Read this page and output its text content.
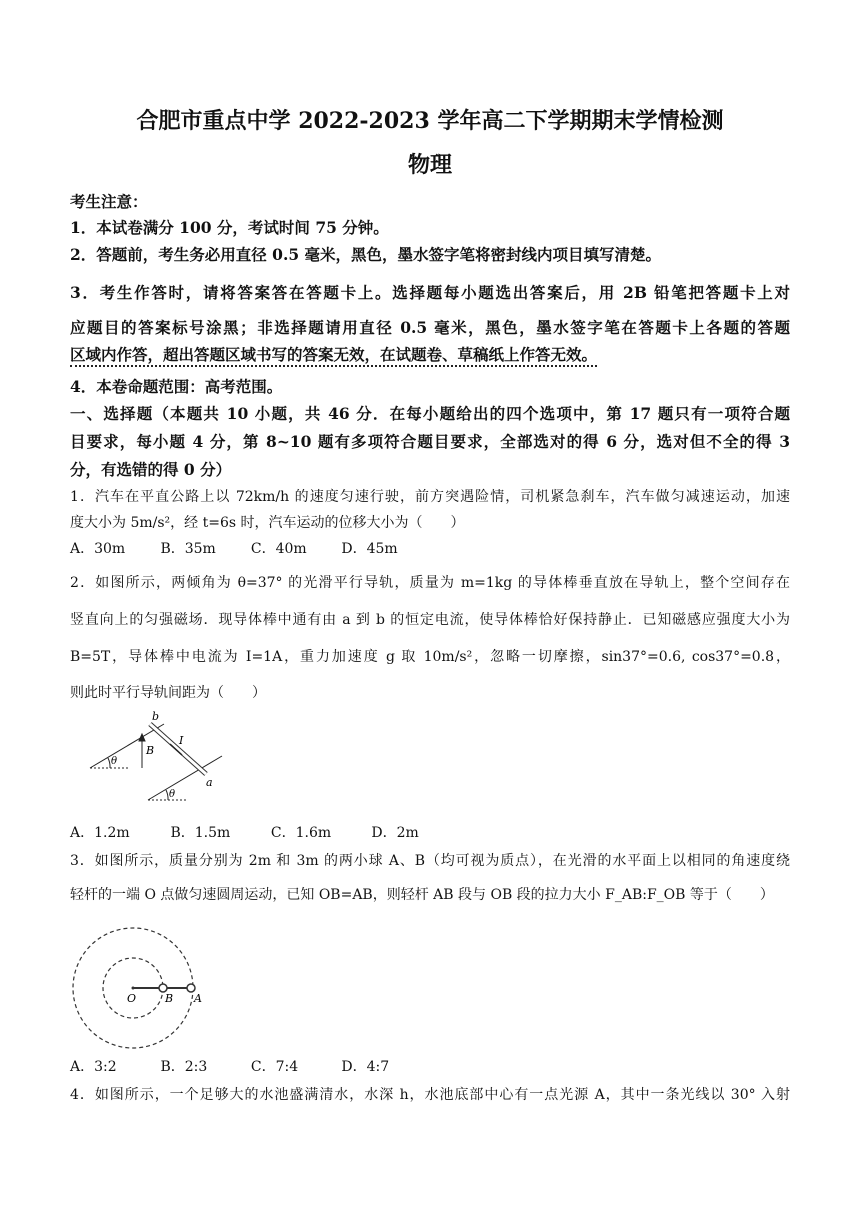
合肥市重点中学 2022-2023 学年高二下学期期末学情检测
物理
考生注意：
1．本试卷满分 100 分，考试时间 75 分钟。
2．答题前，考生务必用直径 0.5 毫米，黑色，墨水签字笔将密封线内项目填写清楚。
3．考生作答时，请将答案答在答题卡上。选择题每小题选出答案后，用 2B 铅笔把答题卡上对
应题目的答案标号涂黑；非选择题请用直径 0.5 毫米，黑色，墨水签字笔在答题卡上各题的答题
区域内作答，超出答题区域书写的答案无效，在试题卷、草稿纸上作答无效。
4．本卷命题范围：高考范围。
一、选择题（本题共 10 小题，共 46 分．在每小题给出的四个选项中，第 17 题只有一项符合题
目要求，每小题 4 分，第 8~10 题有多项符合题目要求，全部选对的得 6 分，选对但不全的得 3
分，有选错的得 0 分）
1．汽车在平直公路上以 72km/h 的速度匀速行驶，前方突遇险情，司机紧急刹车，汽车做匀减速运动，加速
度大小为 5m/s²，经 t=6s 时，汽车运动的位移大小为（　　）
A．30m	B．35m	C．40m D．45m
2．如图所示，两倾角为 θ=37° 的光滑平行导轨，质量为 m=1kg 的导体棒垂直放在导轨上，整个空间存在
竖直向上的匀强磁场．现导体棒中通有由 a 到 b 的恒定电流，使导体棒恰好保持静止．已知磁感应强度大小为
B=5T，导体棒中电流为 I=1A，重力加速度 g 取 10m/s²，忽略一切摩擦，sin37°=0.6, cos37°=0.8，
则此时平行导轨间距为（　　）
b
a
B
I
θ
θ
A．1.2m	B．1.5m	C．1.6m	D．2m
3．如图所示，质量分别为 2m 和 3m 的两小球 A、B（均可视为质点），在光滑的水平面上以相同的角速度绕
轻杆的一端 O 点做匀速圆周运动，已知 OB=AB，则轻杆 AB 段与 OB 段的拉力大小 F_AB:F_OB 等于（　　）
O	B A
A．3:2	B．2:3	C．7:4	D．4:7
4．如图所示，一个足够大的水池盛满清水，水深 h，水池底部中心有一点光源 A，其中一条光线以 30° 入射
